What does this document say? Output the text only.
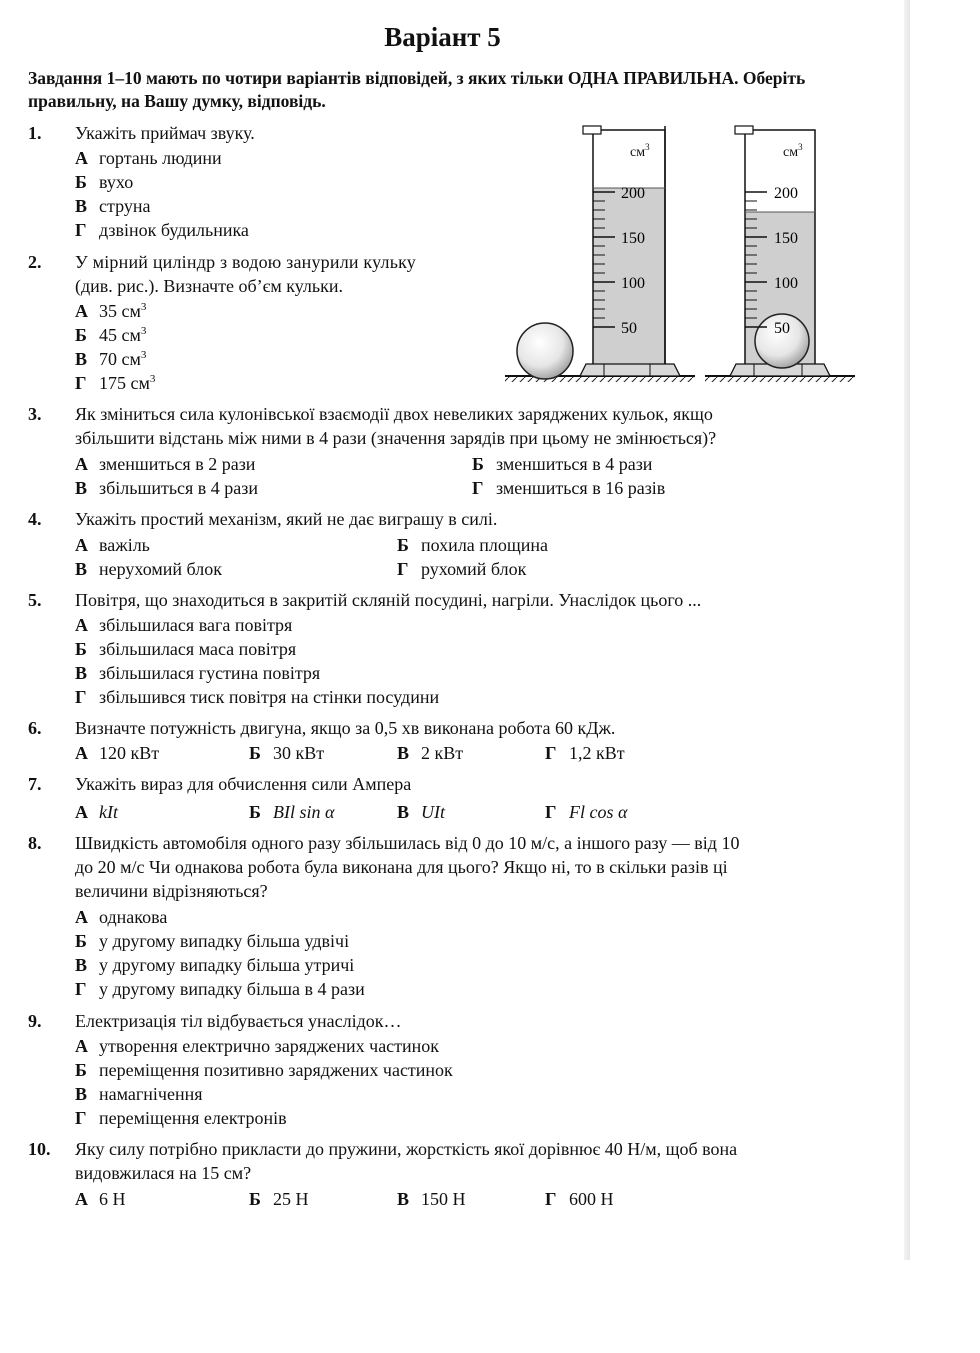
Варіант 5
Завдання 1–10 мають по чотири варіантів відповідей, з яких тільки ОДНА ПРАВИЛЬНА. Оберіть правильну, на Вашу думку, відповідь.
1.	Укажіть приймач звуку.
А гортань людини
Б вухо
В струна
Г дзвінок будильника
2.	У мірний циліндр з водою занурили кульку
(див. рис.). Визначте об’єм кульки.
А 35 $см^3$
Б 45 $см^3$
В 70 $см^3$
Г 175 $см^3$
$см^3$	$см^3$
200
150
100
50
200
150
100
50
3.	Як зміниться сила кулонівської взаємодії двох невеликих заряджених кульок, якщо
збільшити відстань між ними в 4 рази (значення зарядів при цьому не змінюється)?
А зменшиться в 2 рази	Б зменшиться в 4 рази
В збільшиться в 4 рази	Г зменшиться в 16 разів
4.	Укажіть простий механізм, який не дає виграшу в силі.
А важіль	Б похила площина
В нерухомий блок	Г рухомий блок
5.	Повітря, що знаходиться в закритій скляній посудині, нагріли. Унаслідок цього ...
А збільшилася вага повітря
Б збільшилася маса повітря
В збільшилася густина повітря
Г збільшився тиск повітря на стінки посудини
6.	Визначте потужність двигуна, якщо за 0,5 хв виконана робота 60 кДж.
А 120 кВт	Б 30 кВт	В 2 кВт	Г 1,2 кВт
7.	Укажіть вираз для обчислення сили Ампера
А kIt	Б BIl sin α	В UIt	Г Fl cos α
8.	Швидкість автомобіля одного разу збільшилась від 0 до 10 м/с, а іншого разу — від 10
до 20 м/с Чи однакова робота була виконана для цього? Якщо ні, то в скільки разів ці
величини відрізняються?
А однакова
Б у другому випадку більша удвічі
В у другому випадку більша утричі
Г у другому випадку більша в 4 рази
9.	Електризація тіл відбувається унаслідок…
А утворення електрично заряджених частинок
Б переміщення позитивно заряджених частинок
В намагнічення
Г переміщення електронів
10.	Яку силу потрібно прикласти до пружини, жорсткість якої дорівнює 40 Н/м, щоб вона
видовжилася на 15 см?
А 6 Н	Б 25 Н	В 150 Н	Г 600 Н
